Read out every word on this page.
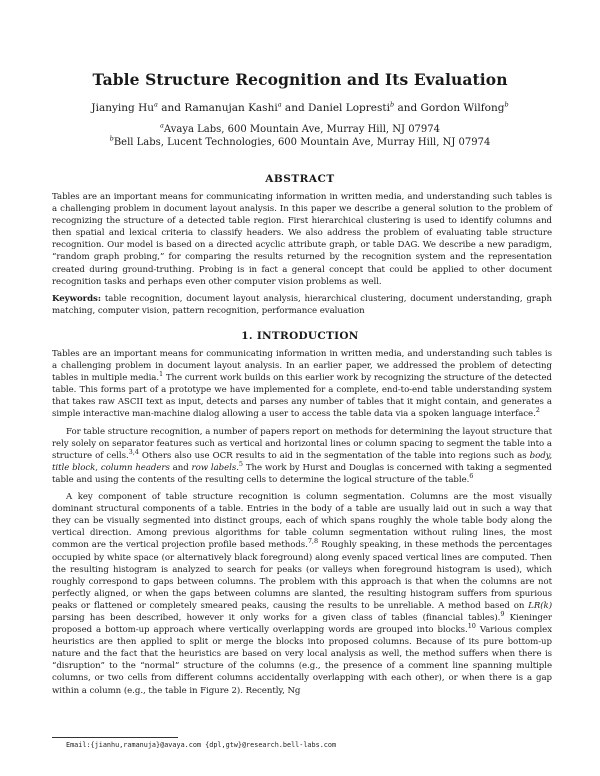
Table Structure Recognition and Its Evaluation
Jianying Hu$^a$ and Ramanujan Kashi$^a$ and Daniel Lopresti$^b$ and Gordon Wilfong$^b$
$^a$Avaya Labs, 600 Mountain Ave, Murray Hill, NJ 07974
$^b$Bell Labs, Lucent Technologies, 600 Mountain Ave, Murray Hill, NJ 07974
ABSTRACT
Tables are an important means for communicating information in written media, and understanding such tables is a challenging problem in document layout analysis. In this paper we describe a general solution to the problem of recognizing the structure of a detected table region. First hierarchical clustering is used to identify columns and then spatial and lexical criteria to classify headers. We also address the problem of evaluating table structure recognition. Our model is based on a directed acyclic attribute graph, or table DAG. We describe a new paradigm, “random graph probing,” for comparing the results returned by the recognition system and the representation created during ground-truthing. Probing is in fact a general concept that could be applied to other document recognition tasks and perhaps even other computer vision problems as well.
Keywords: table recognition, document layout analysis, hierarchical clustering, document understanding, graph matching, computer vision, pattern recognition, performance evaluation
1. INTRODUCTION

Tables are an important means for communicating information in written media, and understanding such tables is a challenging problem in document layout analysis. In an earlier paper, we addressed the problem of detecting tables in multiple media.$^1$ The current work builds on this earlier work by recognizing the structure of the detected table. This forms part of a prototype we have implemented for a complete, end-to-end table understanding system that takes raw ASCII text as input, detects and parses any number of tables that it might contain, and generates a simple interactive man-machine dialog allowing a user to access the table data via a spoken language interface.$^2$

For table structure recognition, a number of papers report on methods for determining the layout structure that rely solely on separator features such as vertical and horizontal lines or column spacing to segment the table into a structure of cells.$^{3,4}$ Others also use OCR results to aid in the segmentation of the table into regions such as body, title block, column headers and row labels.$^5$ The work by Hurst and Douglas is concerned with taking a segmented table and using the contents of the resulting cells to determine the logical structure of the table.$^6$

A key component of table structure recognition is column segmentation. Columns are the most visually dominant structural components of a table. Entries in the body of a table are usually laid out in such a way that they can be visually segmented into distinct groups, each of which spans roughly the whole table body along the vertical direction. Among previous algorithms for table column segmentation without ruling lines, the most common are the vertical projection profile based methods.$^{7,8}$ Roughly speaking, in these methods the percentages occupied by white space (or alternatively black foreground) along evenly spaced vertical lines are computed. Then the resulting histogram is analyzed to search for peaks (or valleys when foreground histogram is used), which roughly correspond to gaps between columns. The problem with this approach is that when the columns are not perfectly aligned, or when the gaps between columns are slanted, the resulting histogram suffers from spurious peaks or flattened or completely smeared peaks, causing the results to be unreliable. A method based on LR(k) parsing has been described, however it only works for a given class of tables (financial tables).$^9$ Kieninger proposed a bottom-up approach where vertically overlapping words are grouped into blocks.$^{10}$ Various complex heuristics are then applied to split or merge the blocks into proposed columns. Because of its pure bottom-up nature and the fact that the heuristics are based on very local analysis as well, the method suffers when there is “disruption” to the “normal” structure of the columns (e.g., the presence of a comment line spanning multiple columns, or two cells from different columns accidentally overlapping with each other), or when there is a gap within a column (e.g., the table in Figure 2). Recently, Ng

Email:{jianhu,ramanuja}@avaya.com {dpl,gtw}@research.bell-labs.com
